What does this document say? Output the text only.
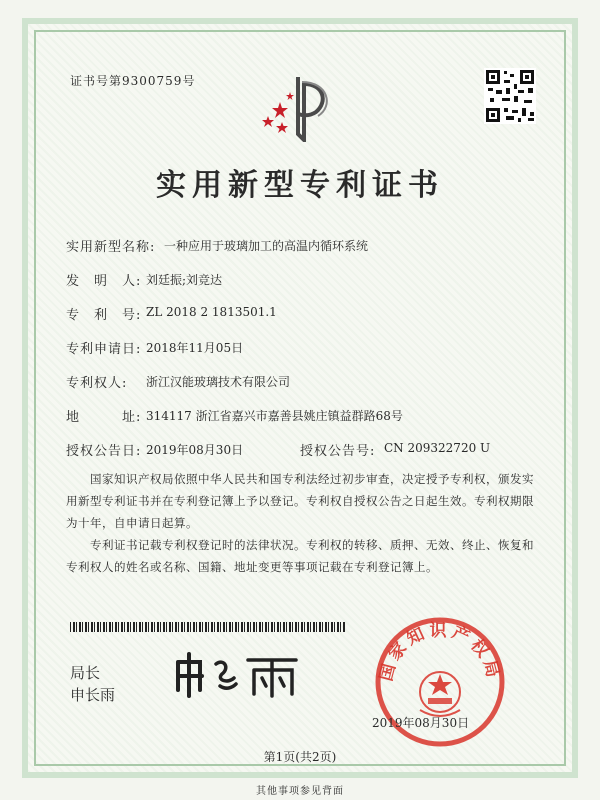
证书号第9300759号
实用新型专利证书
实用新型名称: 一种应用于玻璃加工的高温内循环系统
发　明　人: 刘廷振;刘竞达
专　利　号: ZL 2018 2 1813501.1
专利申请日: 2018年11月05日
专利权人: 浙江汉能玻璃技术有限公司
地　　　址: 314117 浙江省嘉兴市嘉善县姚庄镇益群路68号
授权公告日: 2019年08月30日	授权公告号: CN 209322720 U
国家知识产权局依照中华人民共和国专利法经过初步审查，决定授予专利权，颁发实用新型专利证书并在专利登记簿上予以登记。专利权自授权公告之日起生效。专利权期限为十年，自申请日起算。
专利证书记载专利权登记时的法律状况。专利权的转移、质押、无效、终止、恢复和专利权人的姓名或名称、国籍、地址变更等事项记载在专利登记簿上。
局长
申长雨
国家知识产权局
2019年08月30日
第1页(共2页)
其他事项参见背面
